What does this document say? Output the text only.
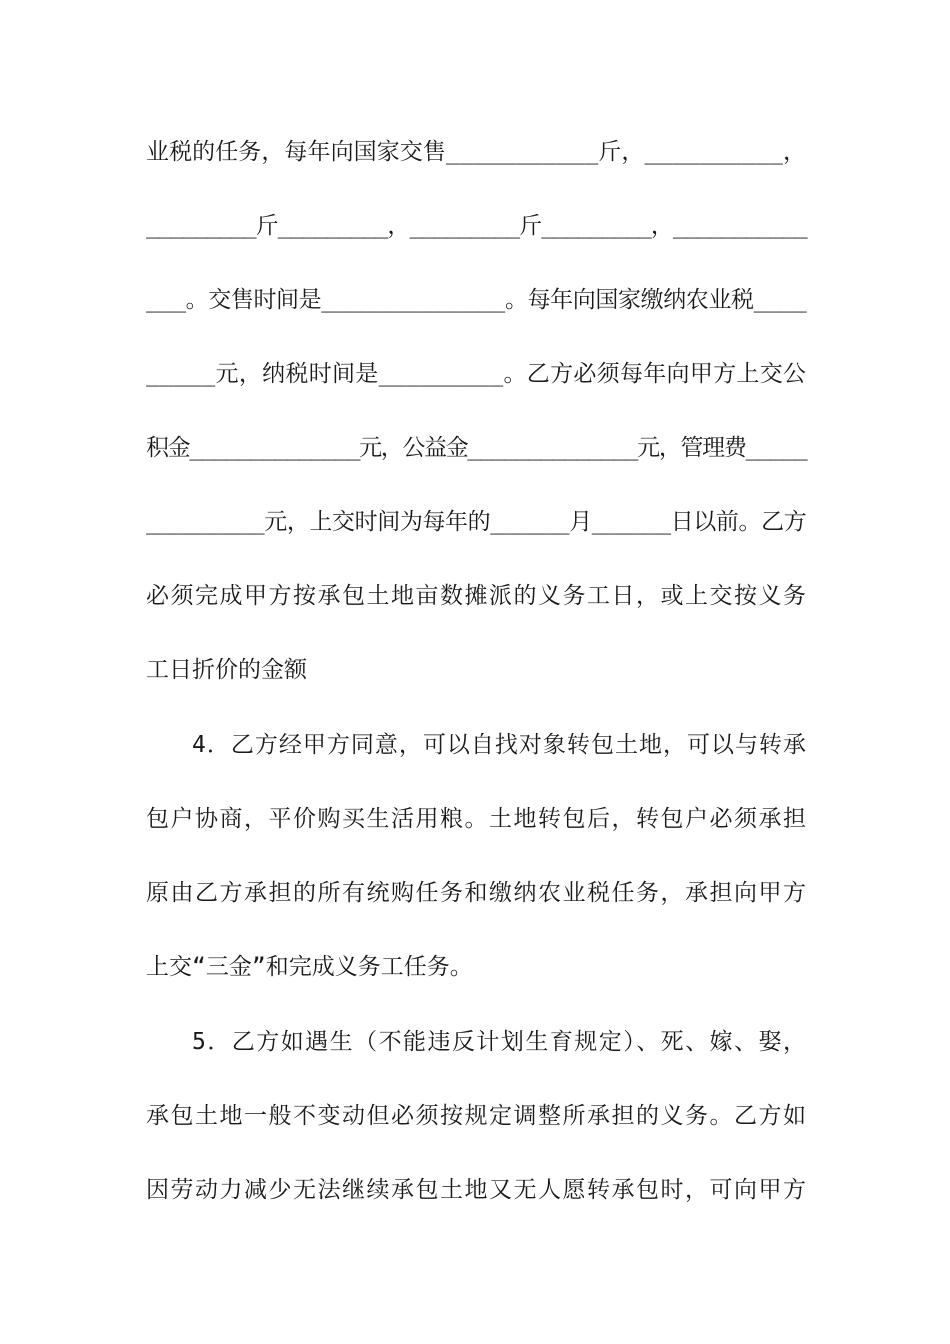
业税的任务，每年向国家交售___________斤，__________，
_________斤_________，_________斤_________，___________
___。交售时间是______________。每年向国家缴纳农业税____
_____元，纳税时间是_________。乙方必须每年向甲方上交公
积金______________元，公益金______________元，管理费_____
_________元，上交时间为每年的______月______日以前。乙方
必须完成甲方按承包土地亩数摊派的义务工日，或上交按义务
工日折价的金额
4．乙方经甲方同意，可以自找对象转包土地，可以与转承
包户协商，平价购买生活用粮。土地转包后，转包户必须承担
原由乙方承担的所有统购任务和缴纳农业税任务，承担向甲方
上交“三金”和完成义务工任务。
5．乙方如遇生（不能违反计划生育规定）、死、嫁、娶，
承包土地一般不变动但必须按规定调整所承担的义务。乙方如
因劳动力减少无法继续承包土地又无人愿转承包时，可向甲方
